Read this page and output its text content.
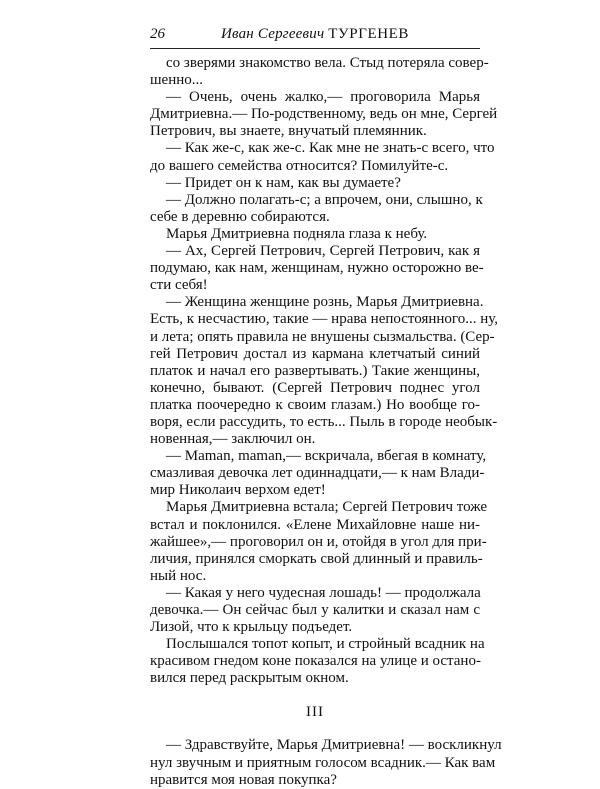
26	Иван Сергеевич ТУРГЕНЕВ
со зверями знакомство вела. Стыд потеряла совер-
шенно...
— Очень, очень жалко,— проговорила Марья
Дмитриевна.— По-родственному, ведь он мне, Сергей
Петрович, вы знаете, внучатый племянник.
— Как же-с, как же-с. Как мне не знать-с всего, что
до вашего семейства относится? Помилуйте-с.
— Придет он к нам, как вы думаете?
— Должно полагать-с; а впрочем, они, слышно, к
себе в деревню собираются.
Марья Дмитриевна подняла глаза к небу.
— Ах, Сергей Петрович, Сергей Петрович, как я
подумаю, как нам, женщинам, нужно осторожно ве-
сти себя!
— Женщина женщине рознь, Марья Дмитриевна.
Есть, к несчастию, такие — нрава непостоянного... ну,
и лета; опять правила не внушены сызмальства. (Сер-
гей Петрович достал из кармана клетчатый синий
платок и начал его развертывать.) Такие женщины,
конечно, бывают. (Сергей Петрович поднес угол
платка поочередно к своим глазам.) Но вообще го-
воря, если рассудить, то есть... Пыль в городе необык-
новенная,— заключил он.
— Maman, maman,— вскричала, вбегая в комнату,
смазливая девочка лет одиннадцати,— к нам Влади-
мир Николаич верхом едет!
Марья Дмитриевна встала; Сергей Петрович тоже
встал и поклонился. «Елене Михайловне наше ни-
жайшее»,— проговорил он и, отойдя в угол для при-
личия, принялся сморкать свой длинный и правиль-
ный нос.
— Какая у него чудесная лошадь! — продолжала
девочка.— Он сейчас был у калитки и сказал нам с
Лизой, что к крыльцу подъедет.
Послышался топот копыт, и стройный всадник на
красивом гнедом коне показался на улице и остано-
вился перед раскрытым окном.
III
— Здравствуйте, Марья Дмитриевна! — воскликнул
нул звучным и приятным голосом всадник.— Как вам
нравится моя новая покупка?
